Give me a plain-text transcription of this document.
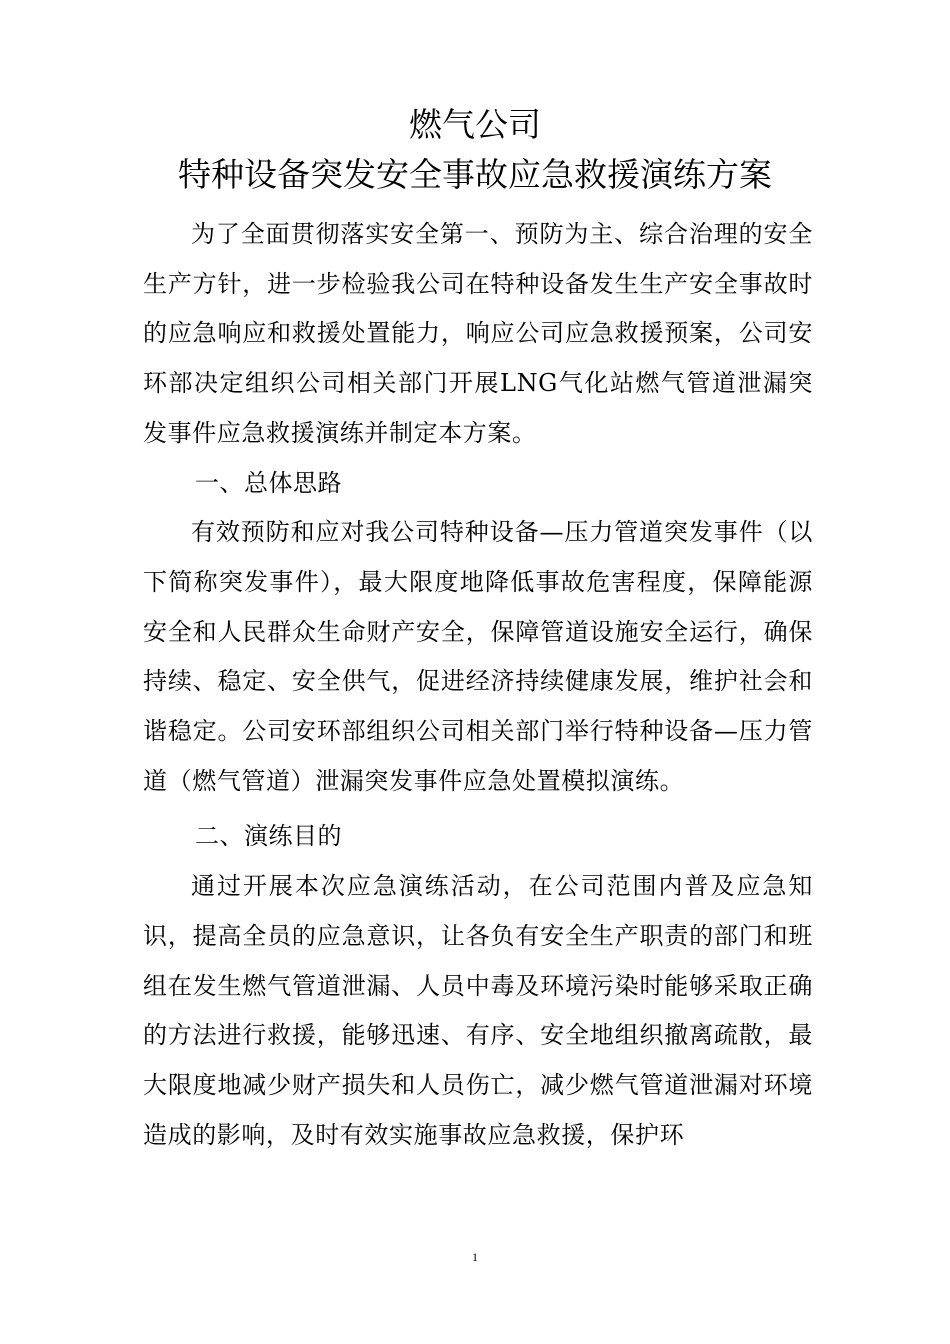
燃气公司
特种设备突发安全事故应急救援演练方案

为了全面贯彻落实安全第一、预防为主、综合治理的安全生产方针，进一步检验我公司在特种设备发生生产安全事故时的应急响应和救援处置能力，响应公司应急救援预案，公司安环部决定组织公司相关部门开展LNG气化站燃气管道泄漏突发事件应急救援演练并制定本方案。

一、总体思路

有效预防和应对我公司特种设备—压力管道突发事件（以下简称突发事件），最大限度地降低事故危害程度，保障能源安全和人民群众生命财产安全，保障管道设施安全运行，确保持续、稳定、安全供气，促进经济持续健康发展，维护社会和谐稳定。公司安环部组织公司相关部门举行特种设备—压力管道（燃气管道）泄漏突发事件应急处置模拟演练。

二、演练目的

通过开展本次应急演练活动，在公司范围内普及应急知识，提高全员的应急意识，让各负有安全生产职责的部门和班组在发生燃气管道泄漏、人员中毒及环境污染时能够采取正确的方法进行救援，能够迅速、有序、安全地组织撤离疏散，最大限度地减少财产损失和人员伤亡，减少燃气管道泄漏对环境造成的影响，及时有效实施事故应急救援，保护环

1
